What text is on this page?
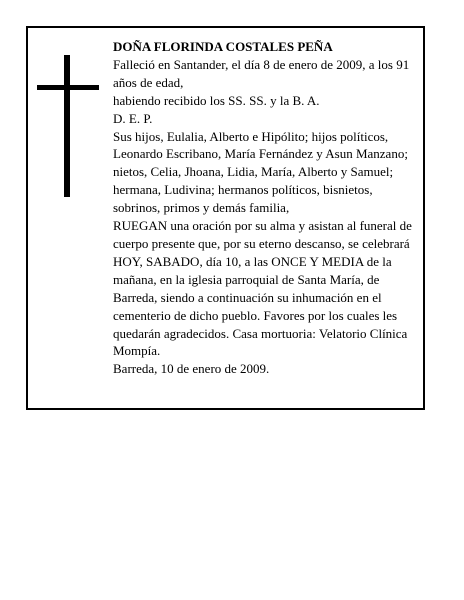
DOÑA FLORINDA COSTALES PEÑA

Falleció en Santander, el día 8 de enero de 2009, a los 91 años de edad,

habiendo recibido los SS. SS. y la B. A.

D. E. P.

Sus hijos, Eulalia, Alberto e Hipólito; hijos políticos, Leonardo Escribano, María Fernández y Asun Manzano; nietos, Celia, Jhoana, Lidia, María, Alberto y Samuel; hermana, Ludivina; hermanos políticos, bisnietos, sobrinos, primos y demás familia,

RUEGAN una oración por su alma y asistan al funeral de cuerpo presente que, por su eterno descanso, se celebrará HOY, SABADO, día 10, a las ONCE Y MEDIA de la mañana, en la iglesia parroquial de Santa María, de Barreda, siendo a continuación su inhumación en el cementerio de dicho pueblo. Favores por los cuales les quedarán agradecidos. Casa mortuoria: Velatorio Clínica Mompía.

Barreda, 10 de enero de 2009.
